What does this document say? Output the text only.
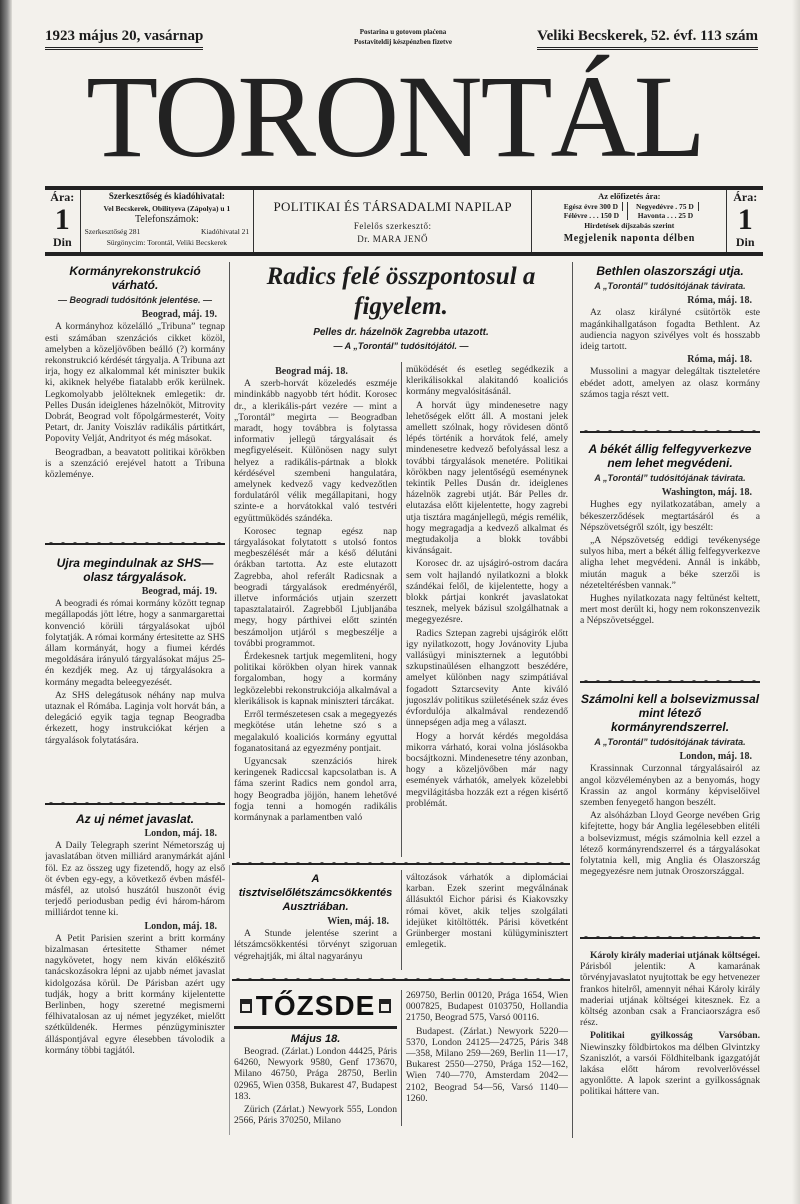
1923 május 20, vasárnap	Postarina u gotovom plaćena
Postaviteldij készpénzben fizetve	Veliki Becskerek, 52. évf. 113 szám
TORONTÁL
Ára:
1
Din
Szerkesztőség és kiadóhivatal:
Vel Becskerek, Obilityeva (Zápolya) u 1
Telefonszámok:
Szerkesztőség 281	Kiadóhivatal 21
Sürgönycim: Torontál, Veliki Becskerek
POLITIKAI ÉS TÁRSADALMI NAPILAP
Felelős szerkesztő:
Dr. MARA JENŐ
Az előfizetés ára:
Egész évre 300 D
Félévre . . . 150 D
Negyedévre . 75 D
Havonta . . . 25 D
Hirdetések díjszabás szerint
Megjelenik naponta délben
Ára:
1
Din
Kormányrekonstrukció várható.
— Beogradi tudósitónk jelentése. —
Beograd, máj. 19.

A kormányhoz közelálló „Tribuna” tegnap esti számában szenzációs cikket közöl, amelyben a közeljövőben beálló (?) kormány rekonstrukció kérdését tárgyalja. A Tribuna azt irja, hogy ez alkalommal két miniszter bukik ki, akiknek helyébe fiatalabb erők kerülnek. Legkomolyabb jelölteknek emlegetik: dr. Pelles Dusán ideiglenes házelnököt, Mitrovity Dobrát, Beograd volt főpolgármesterét, Voity Petart, dr. Janity Voiszláv radikális pártitkárt, Popovity Velját, Andrityot és még másokat.

Beogradban, a beavatott politikai körökben is a szenzáció erejével hatott a Tribuna közleménye.

Ujra megindulnak az SHS—olasz tárgyalások.
Beograd, máj. 19.

A beogradi és római kormány között tegnap megállapodás jött létre, hogy a sanmargarettai konvenció körüli tárgyalásokat ujból folytatják. A római kormány értesitette az SHS állam kormányát, hogy a fiumei kérdés megoldására irányuló tárgyalásokat május 25-én kezdjék meg. Az uj tárgyalásokra a kormány megadta beleegyezését.

Az SHS delegátusok néhány nap mulva utaznak el Rómába. Laginja volt horvát bán, a delegáció egyik tagja tegnap Beogradba érkezett, hogy instrukciókat kérjen a tárgyalások folytatására.

Az uj német javaslat.
London, máj. 18.

A Daily Telegraph szerint Németország uj javaslatában ötven milliárd aranymárkát ajánl föl. Ez az összeg ugy fizetendő, hogy az első öt évben egy-egy, a következő évben másfél-másfél, az utolsó huszától huszonöt évig terjedő periodusban pedig évi három-három milliárdot tenne ki.

London, máj. 18.

A Petit Parisien szerint a britt kormány bizalmasan értesitette Sthamer német nagykövetet, hogy nem kiván előkészitő tanácskozásokra lépni az ujabb német javaslat kidolgozása körül. De Párisban azért ugy tudják, hogy a britt kormány kijelentette Berlinben, hogy szeretné megismerni félhivatalosan az uj német jegyzéket, mielőtt szétküldenék. Hermes pénzügyminiszter álláspontjával egyre élesebben távolodik a kormány többi tagjától.

Radics felé összpontosul a figyelem.
Pelles dr. házelnök Zagrebba utazott.
— A „Torontál” tudósitójától. —
Beograd máj. 18.

A szerb-horvát közeledés eszméje mindinkább nagyobb tért hódit. Korosec dr., a klerikális-párt vezére — mint a „Torontál” megirta — Beogradban maradt, hogy továbbra is folytassa informativ jellegü tárgyalásait és megfigyeléseit. Különösen nagy sulyt helyez a radikális-pártnak a blokk kérdésével szembeni hangulatára, amelynek kedvező vagy kedvezőtlen fordulatáról vélik megállapitani, hogy szinte-e a horvátokkal való testvéri együttmüködés szándéka.

Korosec tegnap egész nap tárgyalásokat folytatott s utolsó fontos megbeszélését már a késő délutáni órákban tartotta. Az este elutazott Zagrebba, ahol referált Radicsnak a beogradi tárgyalások eredményéről, illetve információs utjain szerzett tapasztalatairól. Zagrebből Ljubljanába megy, hogy párthivei előtt szintén beszámoljon utjáról s megbeszélje a további programmot.

Érdekesnek tartjuk megemliteni, hogy politikai körökben olyan hirek vannak forgalomban, hogy a kormány legközelebbi rekonstrukciója alkalmával a klerikálisok is kapnak miniszteri tárcákat.

Erről természetesen csak a megegyezés megkötése után lehetne szó s a megalakuló koaliciós kormány egyuttal foganatositaná az egyezmény pontjait.

Ugyancsak szenzációs hirek keringenek Radiccsal kapcsolatban is. A fáma szerint Radics nem gondol arra, hogy Beogradba jöjjön, hanem lehetővé fogja tenni a homogén radikális kormánynak a parlamentben való

müködését és esetleg segédkezik a klerikálisokkal alakitandó koaliciós kormány megvalósitásánál.

A horvát ügy mindenesetre nagy lehetőségek előtt áll. A mostani jelek amellett szólnak, hogy rövidesen döntő lépés történik a horvátok felé, amely mindenesetre kedvező befolyással lesz a további tárgyalások menetére. Politikai körökben nagy jelentőségü eseménynek tekintik Pelles Dusán dr. ideiglenes házelnök zagrebi utját. Bár Pelles dr. elutazása előtt kijelentette, hogy zagrebi utja tisztára magánjellegü, mégis remélik, hogy megragadja a kedvező alkalmat és megtudakolja a blokk további kivánságait.

Korosec dr. az ujságiró-ostrom dacára sem volt hajlandó nyilatkozni a blokk szándékai felől, de kijelentette, hogy a blokk pártjai konkrét javaslatokat tesznek, melyek bázisul szolgálhatnak a megegyezésre.

Radics Sztepan zagrebi ujságirók előtt igy nyilatkozott, hogy Jovánovity Ljuba vallásügyi miniszternek a legutóbbi szkupstinaülésen elhangzott beszédére, amelyet különben nagy szimpátiával fogadott Sztarcsevity Ante kiváló jugoszláv politikus születésének száz éves évfordulója alkalmával rendezendő ünnepségen adja meg a választ.

Hogy a horvát kérdés megoldása mikorra várható, korai volna jóslásokba bocsájtkozni. Mindenesetre tény azonban, hogy a közeljövőben már nagy események várhatók, amelyek közelebbi megvilágitásba hozzák ezt a régen kisértő problémát.

A tisztviselőlétszámcsökkentés Ausztriában.
Wien, máj. 18.

A Stunde jelentése szerint a létszámcsökkentési törvényt szigoruan végrehajtják, mi által nagyarányu

változások várhatók a diplomáciai karban. Ezek szerint megválnának állásuktól Eichor párisi és Kiakovszky római követ, akik teljes szolgálati idejüket kitöltötték. Párisi követként Grünberger mostani külügyminisztert emlegetik.

TŐZSDE
Május 18.

Beograd. (Zárlat.) London 44425, Páris 64260, Newyork 9580, Genf 173670, Milano 46750, Prága 28750, Berlin 02965, Wien 0358, Bukarest 47, Budapest 183.

Zürich (Zárlat.) Newyork 555, London 2566, Páris 370250, Milano

269750, Berlin 00120, Prága 1654, Wien 0007825, Budapest 0103750, Hollandia 21750, Beograd 575, Varsó 00116.

Budapest. (Zárlat.) Newyork 5220—5370, London 24125—24725, Páris 348—358, Milano 259—269, Berlin 11—17, Bukarest 2550—2750, Prága 152—162, Wien 740—770, Amsterdam 2042—2102, Beograd 54—56, Varsó 1140—1260.

Bethlen olaszországi utja.
A „Torontál” tudósitójának távirata.
Róma, máj. 18.

Az olasz királyné csütörtök este magánkihallgatáson fogadta Bethlent. Az audiencia nagyon szivélyes volt és hosszabb ideig tartott.

Róma, máj. 18.

Mussolini a magyar delegáltak tiszteletére ebédet adott, amelyen az olasz kormány számos tagja részt vett.

A békét állig felfegyverkezve nem lehet megvédeni.
A „Torontál” tudósitójának távirata.
Washington, máj. 18.

Hughes egy nyilatkozatában, amely a békeszerződések megtartásáról és a Népszövetségről szólt, igy beszélt:

„A Népszövetség eddigi tevékenysége sulyos hiba, mert a békét állig felfegyverkezve aligha lehet megvédeni. Annál is inkább, miután maguk a béke szerzői is nézeteltérésben vannak.”

Hughes nyilatkozata nagy feltünést keltett, mert most derült ki, hogy nem rokonszenvezik a Népszövetséggel.

Számolni kell a bolsevizmussal mint létező kormányrendszerrel.
A „Torontál” tudósitójának távirata.
London, máj. 18.

Krassinnak Curzonnal tárgyalásairól az angol közvéleményben az a benyomás, hogy Krassin az angol kormány képviselőivel szemben fenyegető hangon beszélt.

Az alsóházban Lloyd George nevében Grig kifejtette, hogy bár Anglia legélesebben elitéli a bolsevizmust, mégis számolnia kell ezzel a létező kormányrendszerrel és a tárgyalásokat folytatnia kell, mig Anglia és Olaszország megegyezésre nem jutnak Oroszországgal.

Károly király maderiai utjának költségei. Párisból jelentik: A kamarának törvényjavaslatot nyujtottak be egy hetvenezer frankos hitelről, amennyit néhai Károly király maderiai utjának költségei kitesznek. Ez a költség azonban csak a Franciaországra eső rész.

Politikai gyilkosság Varsóban. Niewinszky földbirtokos ma délben Glvintzky Szaniszlót, a varsói Földhitelbank igazgatóját lakása előtt három revolverlövéssel agyonlőtte. A lapok szerint a gyilkosságnak politikai háttere van.
